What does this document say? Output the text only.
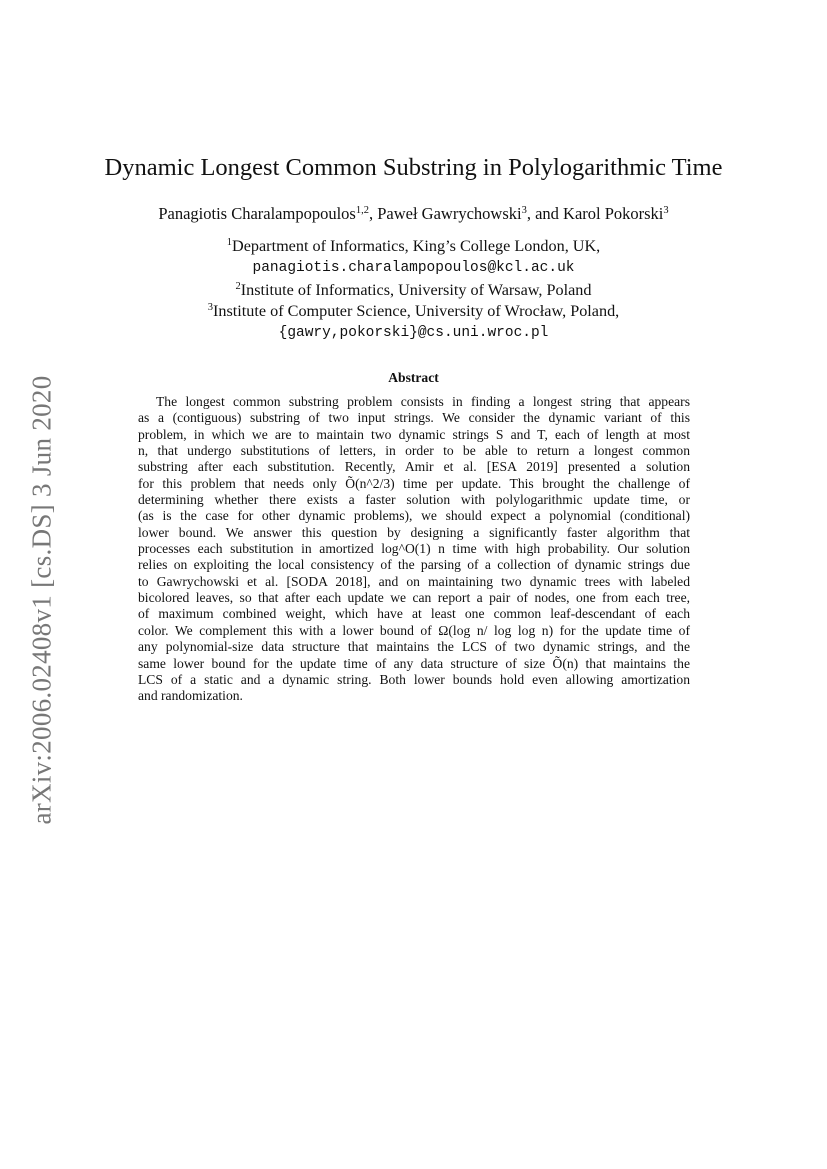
arXiv:2006.02408v1 [cs.DS] 3 Jun 2020
Dynamic Longest Common Substring in Polylogarithmic Time
Panagiotis Charalampopoulos$^{1,2}$, Paweł Gawrychowski$^3$, and Karol Pokorski$^3$
$^1$Department of Informatics, King’s College London, UK,
panagiotis.charalampopoulos@kcl.ac.uk
$^2$Institute of Informatics, University of Warsaw, Poland
$^3$Institute of Computer Science, University of Wrocław, Poland,
{gawry,pokorski}@cs.uni.wroc.pl
Abstract
The longest common substring problem consists in finding a longest string that appears
as a (contiguous) substring of two input strings. We consider the dynamic variant of this
problem, in which we are to maintain two dynamic strings S and T, each of length at most
n, that undergo substitutions of letters, in order to be able to return a longest common
substring after each substitution. Recently, Amir et al. [ESA 2019] presented a solution
for this problem that needs only Õ(n^2/3) time per update. This brought the challenge of
determining whether there exists a faster solution with polylogarithmic update time, or
(as is the case for other dynamic problems), we should expect a polynomial (conditional)
lower bound. We answer this question by designing a significantly faster algorithm that
processes each substitution in amortized log^O(1) n time with high probability. Our solution
relies on exploiting the local consistency of the parsing of a collection of dynamic strings due
to Gawrychowski et al. [SODA 2018], and on maintaining two dynamic trees with labeled
bicolored leaves, so that after each update we can report a pair of nodes, one from each tree,
of maximum combined weight, which have at least one common leaf-descendant of each
color. We complement this with a lower bound of Ω(log n/ log log n) for the update time of
any polynomial-size data structure that maintains the LCS of two dynamic strings, and the
same lower bound for the update time of any data structure of size Õ(n) that maintains the
LCS of a static and a dynamic string. Both lower bounds hold even allowing amortization
and randomization.
